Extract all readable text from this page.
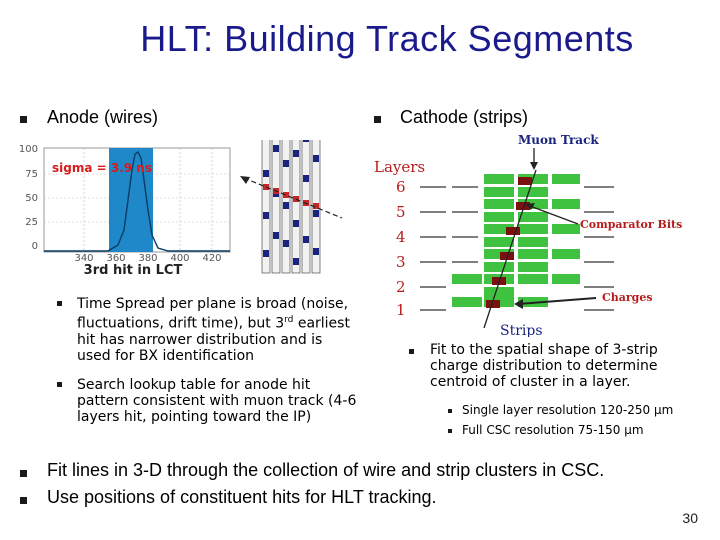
HLT: Building Track Segments
Anode (wires)	Cathode (strips)
100
75
50
25
0
340 360 380 400 420
sigma = 3.9 ns
3rd hit in LCT
Time Spread per plane is broad (noise, fluctuations, drift time), but 3rd earliest hit has narrower distribution and is used for BX identification
Search lookup table for anode hit pattern consistent with muon track (4-6 layers hit, pointing toward the IP)
Muon Track
Layers
6
5
4
3
2
1
Comparator Bits
Charges
Strips
Fit to the spatial shape of 3-strip charge distribution to determine centroid of cluster in a layer.
Single layer resolution 120-250 µm
Full CSC resolution 75-150 µm
Fit lines in 3-D through the collection of wire and strip clusters in CSC.
Use positions of constituent hits for HLT tracking.
30
